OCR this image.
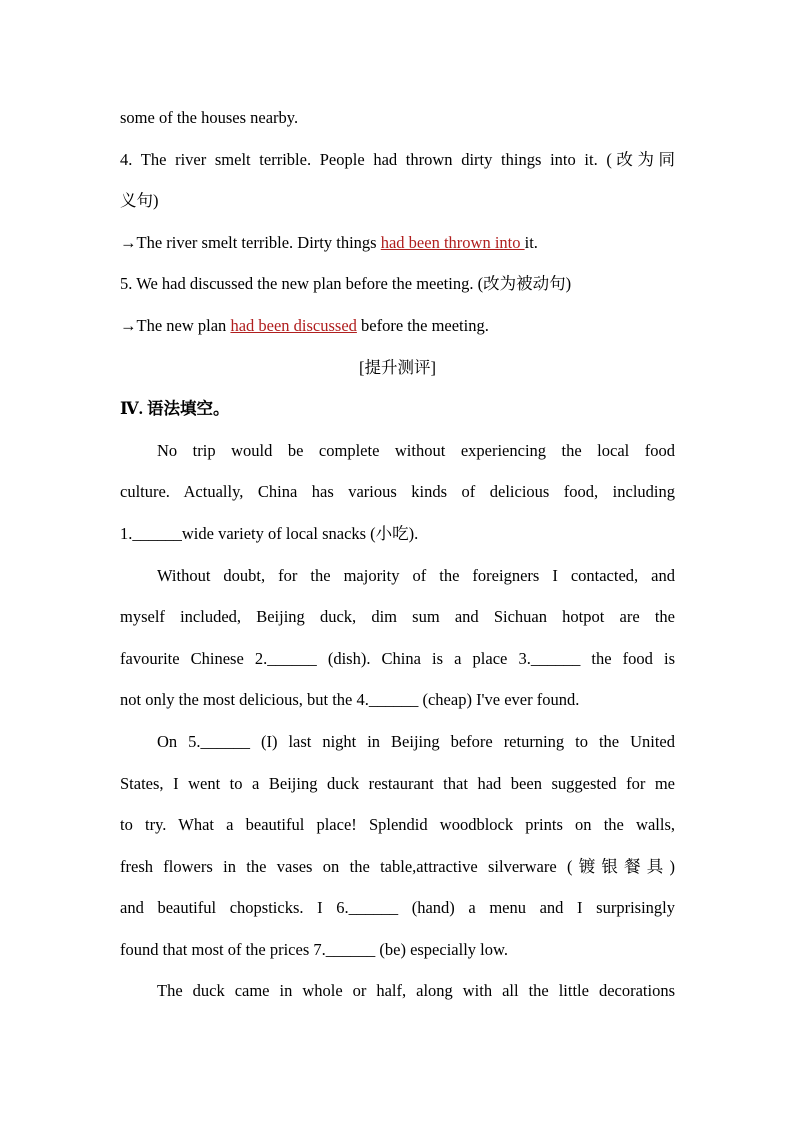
some of the houses nearby.
4. The river smelt terrible. People had thrown dirty things into it. (改为同
义句)
→The river smelt terrible. Dirty things had been thrown into it.
5. We had discussed the new plan before the meeting. (改为被动句)
→The new plan had been discussed before the meeting.
[提升测评]
Ⅳ. 语法填空。
No trip would be complete without experiencing the local food
culture. Actually, China has various kinds of delicious food, including
1.______wide variety of local snacks (小吃).
Without doubt, for the majority of the foreigners I contacted, and
myself included, Beijing duck, dim sum and Sichuan hotpot are the
favourite Chinese 2.______ (dish). China is a place 3.______ the food is
not only the most delicious, but the 4.______ (cheap) I've ever found.
On 5.______ (I) last night in Beijing before returning to the United
States, I went to a Beijing duck restaurant that had been suggested for me
to try. What a beautiful place! Splendid woodblock prints on the walls,
fresh flowers in the vases on the table,attractive silverware (镀银餐具)
and beautiful chopsticks. I 6.______ (hand) a menu and I surprisingly
found that most of the prices 7.______ (be) especially low.
The duck came in whole or half, along with all the little decorations
